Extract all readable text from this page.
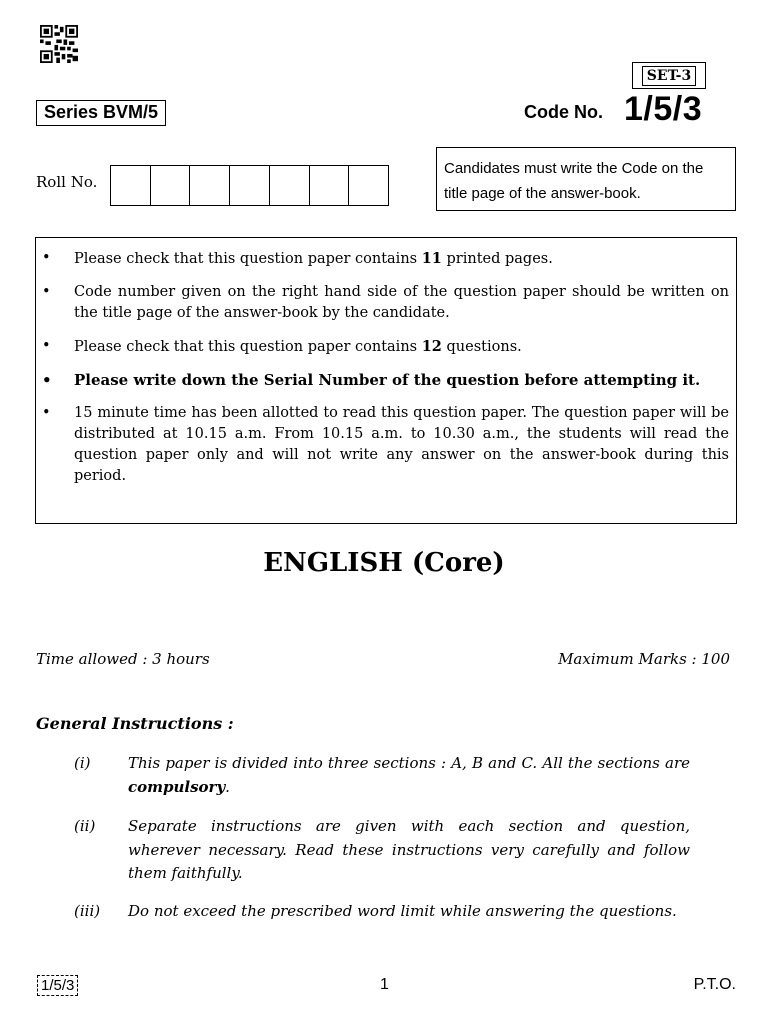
SET-3
Series BVM/5	Code No. 1/5/3
Roll No.
Candidates must write the Code on the title page of the answer-book.
• Please check that this question paper contains 11 printed pages.
• Code number given on the right hand side of the question paper should be written on the title page of the answer-book by the candidate.
• Please check that this question paper contains 12 questions.
• Please write down the Serial Number of the question before attempting it.
• 15 minute time has been allotted to read this question paper. The question paper will be distributed at 10.15 a.m. From 10.15 a.m. to 10.30 a.m., the students will read the question paper only and will not write any answer on the answer-book during this period.
ENGLISH (Core)
Time allowed : 3 hours	Maximum Marks : 100
General Instructions :
(i) This paper is divided into three sections : A, B and C. All the sections are compulsory.
(ii) Separate instructions are given with each section and question, wherever necessary. Read these instructions very carefully and follow them faithfully.
(iii) Do not exceed the prescribed word limit while answering the questions.
1/5/3	1	P.T.O.
